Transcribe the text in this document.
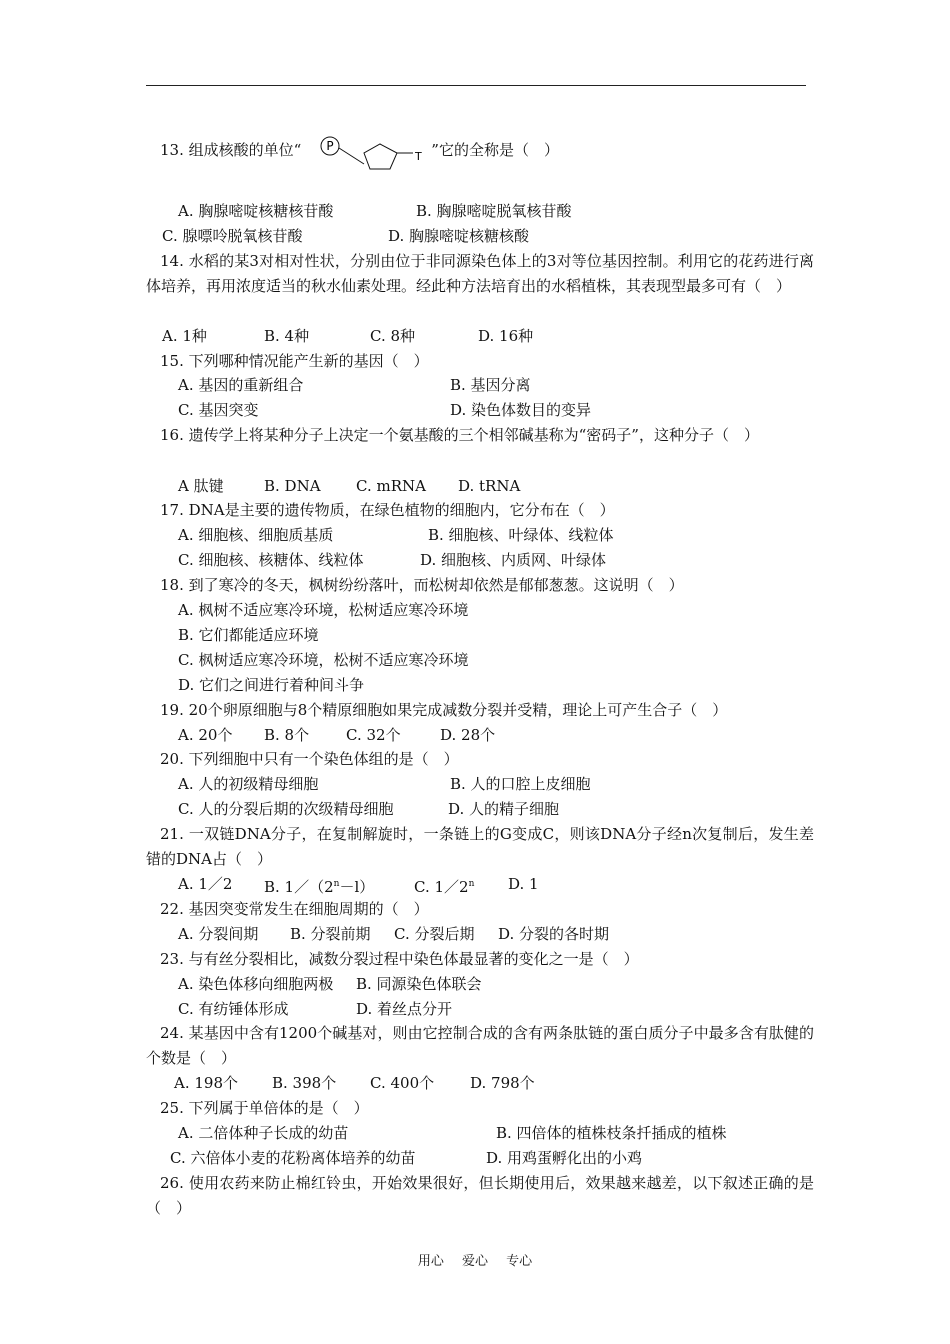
13. 组成核酸的单位“	”它的全称是（　）
P
T
A. 胸腺嘧啶核糖核苷酸	B. 胸腺嘧啶脱氧核苷酸
C. 腺嘌呤脱氧核苷酸	D. 胸腺嘧啶核糖核酸
14. 水稻的某3对相对性状，分别由位于非同源染色体上的3对等位基因控制。利用它的花药进行离体培养，再用浓度适当的秋水仙素处理。经此种方法培育出的水稻植株，其表现型最多可有（　）
A. 1种	B. 4种	C. 8种	D. 16种
15. 下列哪种情况能产生新的基因（　）
A. 基因的重新组合	B. 基因分离
C. 基因突变	D. 染色体数目的变异
16. 遗传学上将某种分子上决定一个氨基酸的三个相邻碱基称为“密码子”，这种分子（　）
A 肽键	B. DNA C. mRNA D. tRNA
17. DNA是主要的遗传物质，在绿色植物的细胞内，它分布在（　）
A. 细胞核、细胞质基质	B. 细胞核、叶绿体、线粒体
C. 细胞核、核糖体、线粒体	D. 细胞核、内质网、叶绿体
18. 到了寒冷的冬天，枫树纷纷落叶，而松树却依然是郁郁葱葱。这说明（　）
A. 枫树不适应寒冷环境，松树适应寒冷环境
B. 它们都能适应环境
C. 枫树适应寒冷环境，松树不适应寒冷环境
D. 它们之间进行着种间斗争
19. 20个卵原细胞与8个精原细胞如果完成减数分裂并受精，理论上可产生合子（　）
A. 20个 B. 8个 C. 32个	D. 28个
20. 下列细胞中只有一个染色体组的是（　）
A. 人的初级精母细胞	B. 人的口腔上皮细胞
C. 人的分裂后期的次级精母细胞	D. 人的精子细胞
21. 一双链DNA分子，在复制解旋时，一条链上的G变成C，则该DNA分子经n次复制后，发生差错的DNA占（　）
A. 1／2 B. $1/(2^n-l)$	C. 1／2$^n$ D. 1
22. 基因突变常发生在细胞周期的（　）
A. 分裂间期 B. 分裂前期 C. 分裂后期 D. 分裂的各时期
23. 与有丝分裂相比，减数分裂过程中染色体最显著的变化之一是（　）
A. 染色体移向细胞两极 B. 同源染色体联会
C. 有纺锤体形成	D. 着丝点分开
24. 某基因中含有1200个碱基对，则由它控制合成的含有两条肽链的蛋白质分子中最多含有肽健的个数是（　）
A. 198个 B. 398个 C. 400个 D. 798个
25. 下列属于单倍体的是（　）
A. 二倍体种子长成的幼苗	B. 四倍体的植株枝条扦插成的植株
C. 六倍体小麦的花粉离体培养的幼苗	D. 用鸡蛋孵化出的小鸡
26. 使用农药来防止棉红铃虫，开始效果很好，但长期使用后，效果越来越差，以下叙述正确的是（　）
用心 爱心 专心
